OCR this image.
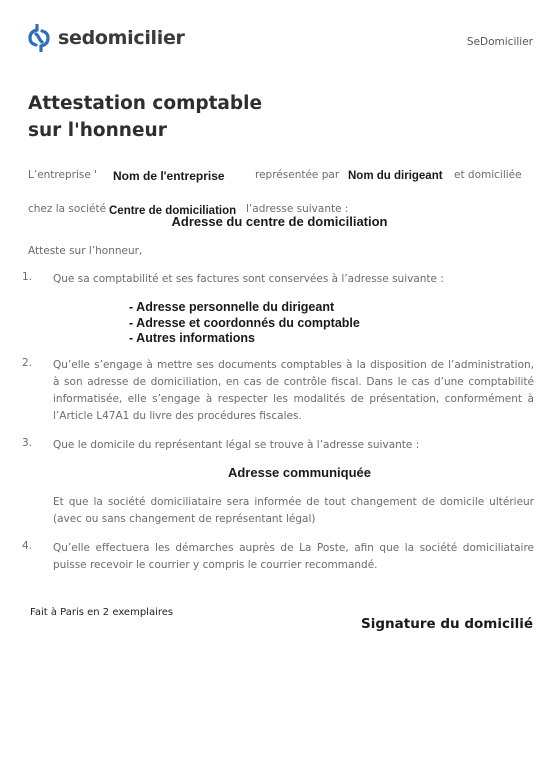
sedomicilier	SeDomicilier
Attestation comptable
sur l'honneur
L’entreprise ' Nom de l'entreprise	représentée par Nom du dirigeant et domiciliée
chez la société Centre de domiciliation l’adresse suivante :
Adresse du centre de domiciliation
Atteste sur l’honneur,
1. Que sa comptabilité et ses factures sont conservées à l’adresse suivante :
- Adresse personnelle du dirigeant
- Adresse et coordonnés du comptable
- Autres informations
2. Qu’elle s’engage à mettre ses documents comptables à la disposition de l’administration, à son adresse de domiciliation, en cas de contrôle fiscal. Dans le cas d’une comptabilité informatisée, elle s’engage à respecter les modalités de présentation, conformément à l’Article L47A1 du livre des procédures fiscales.
3. Que le domicile du représentant légal se trouve à l’adresse suivante :
Adresse communiquée
Et que la société domiciliataire sera informée de tout changement de domicile ultérieur (avec ou sans changement de représentant légal)
4. Qu’elle effectuera les démarches auprès de La Poste, afin que la société domiciliataire puisse recevoir le courrier y compris le courrier recommandé.
Fait à Paris en 2 exemplaires
Signature du domicilié
